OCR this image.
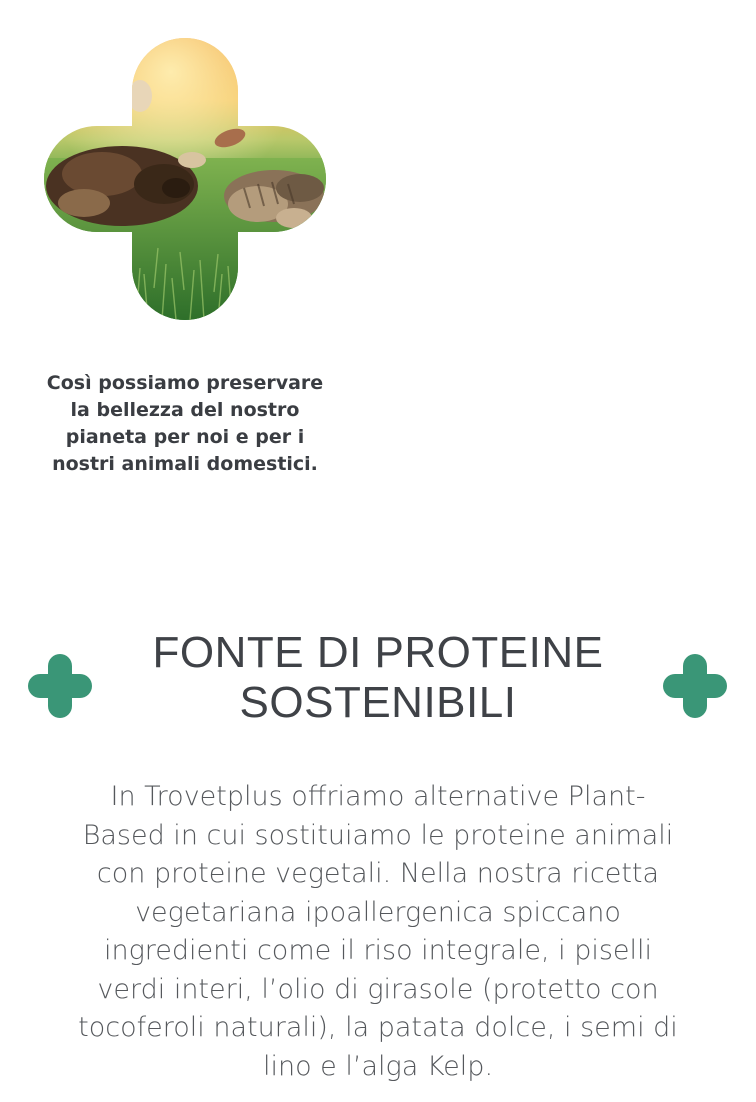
Così possiamo preservare
la bellezza del nostro
pianeta per noi e per i
nostri animali domestici.

FONTE DI PROTEINE
SOSTENIBILI

In Trovetplus offriamo alternative Plant-
Based in cui sostituiamo le proteine animali
con proteine vegetali. Nella nostra ricetta
vegetariana ipoallergenica spiccano
ingredienti come il riso integrale, i piselli
verdi interi, l’olio di girasole (protetto con
tocoferoli naturali), la patata dolce, i semi di
lino e l’alga Kelp.
